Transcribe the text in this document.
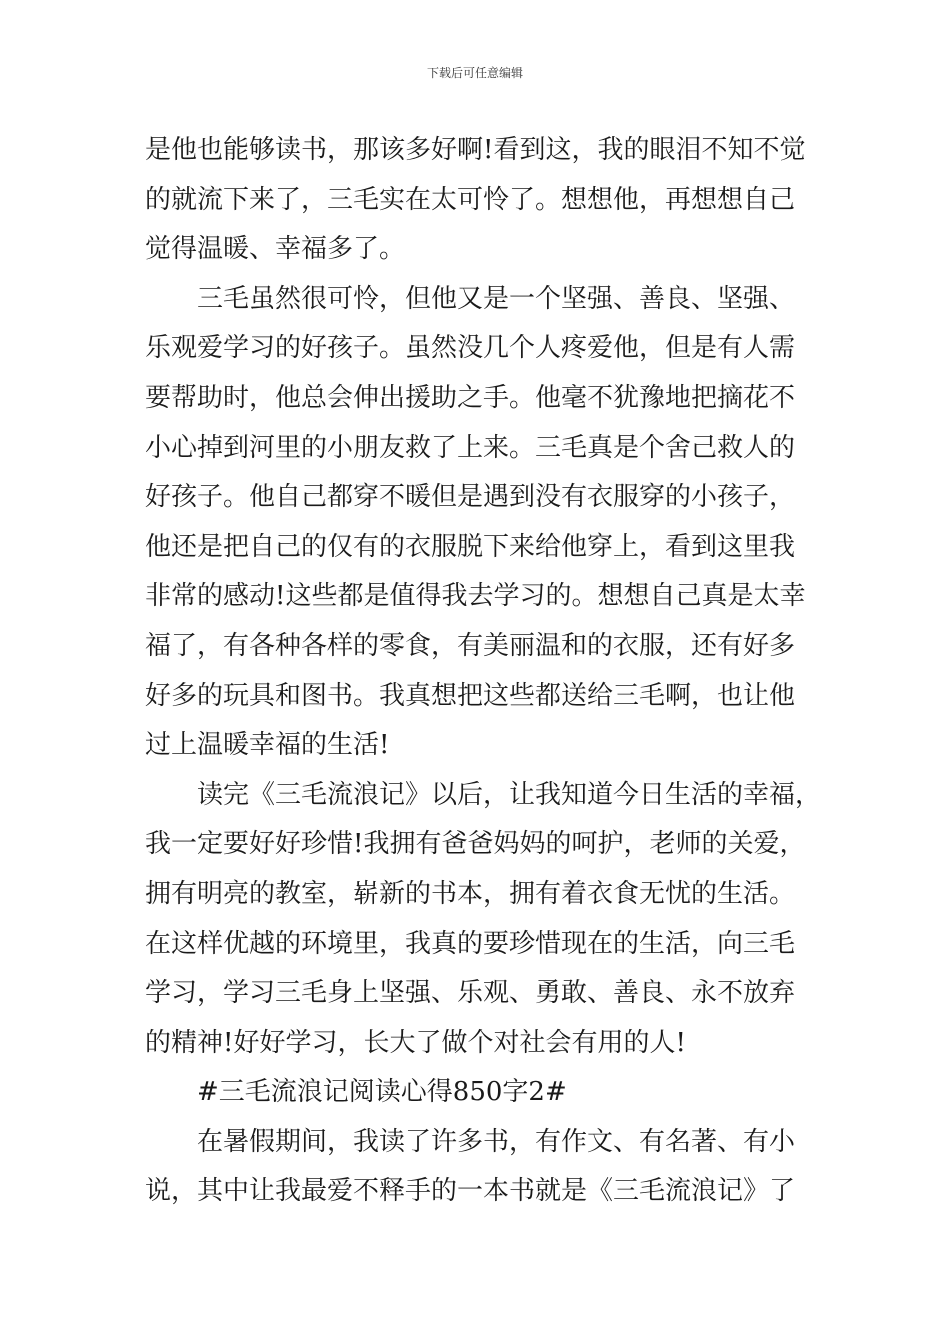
下载后可任意编辑
是他也能够读书，那该多好啊!看到这，我的眼泪不知不觉
的就流下来了，三毛实在太可怜了。想想他，再想想自己
觉得温暖、幸福多了。
三毛虽然很可怜，但他又是一个坚强、善良、坚强、
乐观爱学习的好孩子。虽然没几个人疼爱他，但是有人需
要帮助时，他总会伸出援助之手。他毫不犹豫地把摘花不
小心掉到河里的小朋友救了上来。三毛真是个舍己救人的
好孩子。他自己都穿不暖但是遇到没有衣服穿的小孩子，
他还是把自己的仅有的衣服脱下来给他穿上，看到这里我
非常的感动!这些都是值得我去学习的。想想自己真是太幸
福了，有各种各样的零食，有美丽温和的衣服，还有好多
好多的玩具和图书。我真想把这些都送给三毛啊，也让他
过上温暖幸福的生活!
读完《三毛流浪记》以后，让我知道今日生活的幸福，
我一定要好好珍惜!我拥有爸爸妈妈的呵护，老师的关爱，
拥有明亮的教室，崭新的书本，拥有着衣食无忧的生活。
在这样优越的环境里，我真的要珍惜现在的生活，向三毛
学习，学习三毛身上坚强、乐观、勇敢、善良、永不放弃
的精神!好好学习，长大了做个对社会有用的人!
#三毛流浪记阅读心得850字2#
在暑假期间，我读了许多书，有作文、有名著、有小
说，其中让我最爱不释手的一本书就是《三毛流浪记》了
